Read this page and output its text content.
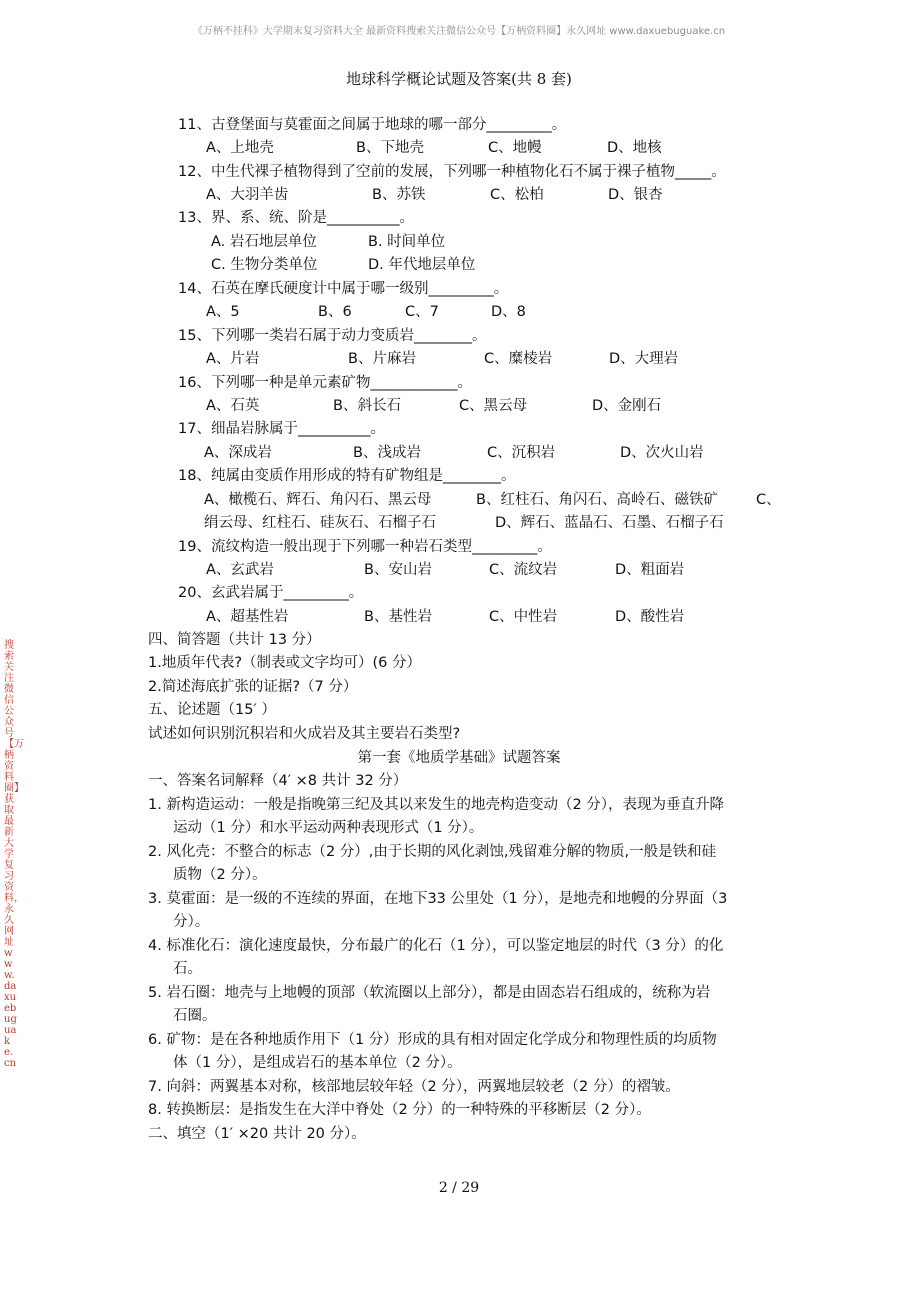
《万柄不挂科》大学期末复习资料大全 最新资料搜索关注微信公众号【万柄资料圈】永久网址 www.daxuebuguake.cn
地球科学概论试题及答案(共 8 套)
搜索关注微信公众号【万柄资料圈】获取最新大学复习资料，永久网址www.daxuebuguake.cn
11、古登堡面与莫霍面之间属于地球的哪一部分_________。
A、上地壳	B、下地壳	C、地幔	D、地核
12、中生代裸子植物得到了空前的发展，下列哪一种植物化石不属于裸子植物_____。
A、大羽羊齿	B、苏铁	C、松柏	D、银杏
13、界、系、统、阶是__________。
A. 岩石地层单位	B. 时间单位
C. 生物分类单位	D. 年代地层单位
14、石英在摩氏硬度计中属于哪一级别_________。
A、5	B、6	C、7	D、8
15、下列哪一类岩石属于动力变质岩________。
A、片岩	B、片麻岩	C、糜棱岩	D、大理岩
16、下列哪一种是单元素矿物____________。
A、石英	B、斜长石	C、黑云母	D、金刚石
17、细晶岩脉属于__________。
A、深成岩	B、浅成岩	C、沉积岩	D、次火山岩
18、纯属由变质作用形成的特有矿物组是________。
A、橄榄石、辉石、角闪石、黑云母	B、红柱石、角闪石、高岭石、磁铁矿	C、
绢云母、红柱石、硅灰石、石榴子石	D、辉石、蓝晶石、石墨、石榴子石
19、流纹构造一般出现于下列哪一种岩石类型_________。
A、玄武岩	B、安山岩	C、流纹岩	D、粗面岩
20、玄武岩属于_________。
A、超基性岩	B、基性岩	C、中性岩	D、酸性岩
四、简答题（共计 13 分）
1.地质年代表?（制表或文字均可）(6 分）
2.简述海底扩张的证据?（7 分）
五、论述题（15′ ）
试述如何识别沉积岩和火成岩及其主要岩石类型?
第一套《地质学基础》试题答案
一、答案名词解释（4′ ×8 共计 32 分）
1. 新构造运动：一般是指晚第三纪及其以来发生的地壳构造变动（2 分），表现为垂直升降
运动（1 分）和水平运动两种表现形式（1 分）。
2. 风化壳：不整合的标志（2 分）,由于长期的风化剥蚀,残留难分解的物质,一般是铁和硅
质物（2 分）。
3. 莫霍面：是一级的不连续的界面，在地下33 公里处（1 分），是地壳和地幔的分界面（3
分）。
4. 标准化石：演化速度最快，分布最广的化石（1 分），可以鉴定地层的时代（3 分）的化
石。
5. 岩石圈：地壳与上地幔的顶部（软流圈以上部分），都是由固态岩石组成的，统称为岩
石圈。
6. 矿物：是在各种地质作用下（1 分）形成的具有相对固定化学成分和物理性质的均质物
体（1 分），是组成岩石的基本单位（2 分）。
7. 向斜：两翼基本对称，核部地层较年轻（2 分），两翼地层较老（2 分）的褶皱。
8. 转换断层：是指发生在大洋中脊处（2 分）的一种特殊的平移断层（2 分）。
二、填空（1′ ×20 共计 20 分）。
2 / 29
